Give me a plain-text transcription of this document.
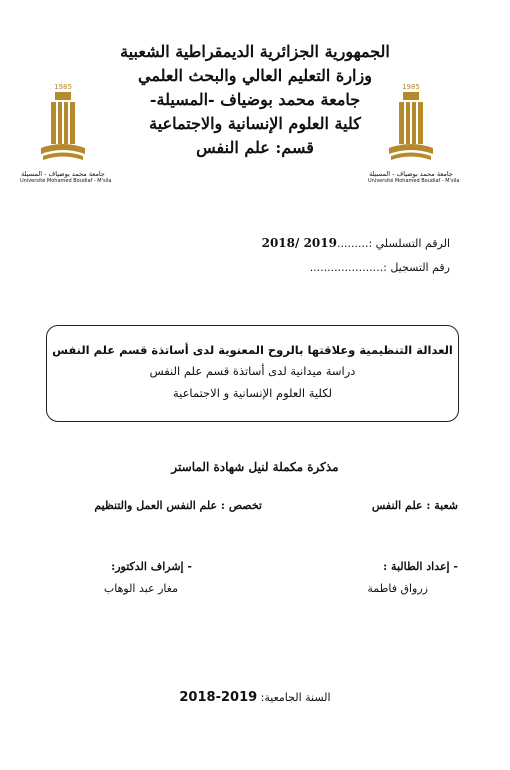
1985
جامعة محمد بوضياف - المسيلة
Université Mohamed Boudiaf - M'sila
1985
جامعة محمد بوضياف - المسيلة
Université Mohamed Boudiaf - M'sila
الجمهورية الجزائرية الديمقراطية الشعبية
وزارة التعليم العالي والبحث العلمي
جامعة محمد بوضياف -المسيلة-
كلية العلوم الإنسانية والاجتماعية
قسم: علم النفس
الرقم التسلسلي :.........2019 /2018
رقم التسجيل :.....................
العدالة التنظيمية وعلاقتها بالروح المعنوية لدى أساتذة قسم علم النفس
دراسة ميدانية لدى أساتذة قسم علم النفس
لكلية العلوم الإنسانية و الاجتماعية
مذكرة مكملة لنيل شهادة الماستر
شعبة : علم النفس
تخصص : علم النفس العمل والتنظيم
- إعداد الطالبة :
- إشراف الدكتور:
زرواق فاطمة
مغار عبد الوهاب
السنة الجامعية: 2019-2018
